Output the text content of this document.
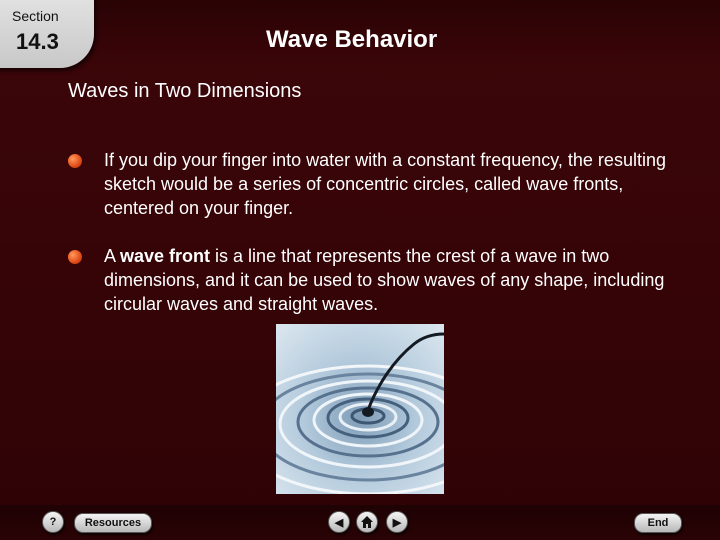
Section
14.3	Wave Behavior
Waves in Two Dimensions
If you dip your finger into water with a constant frequency, the resulting sketch would be a series of concentric circles, called wave fronts, centered on your finger.
A wave front is a line that represents the crest of a wave in two dimensions, and it can be used to show waves of any shape, including circular waves and straight waves.
?	Resources	◀	▶	End
